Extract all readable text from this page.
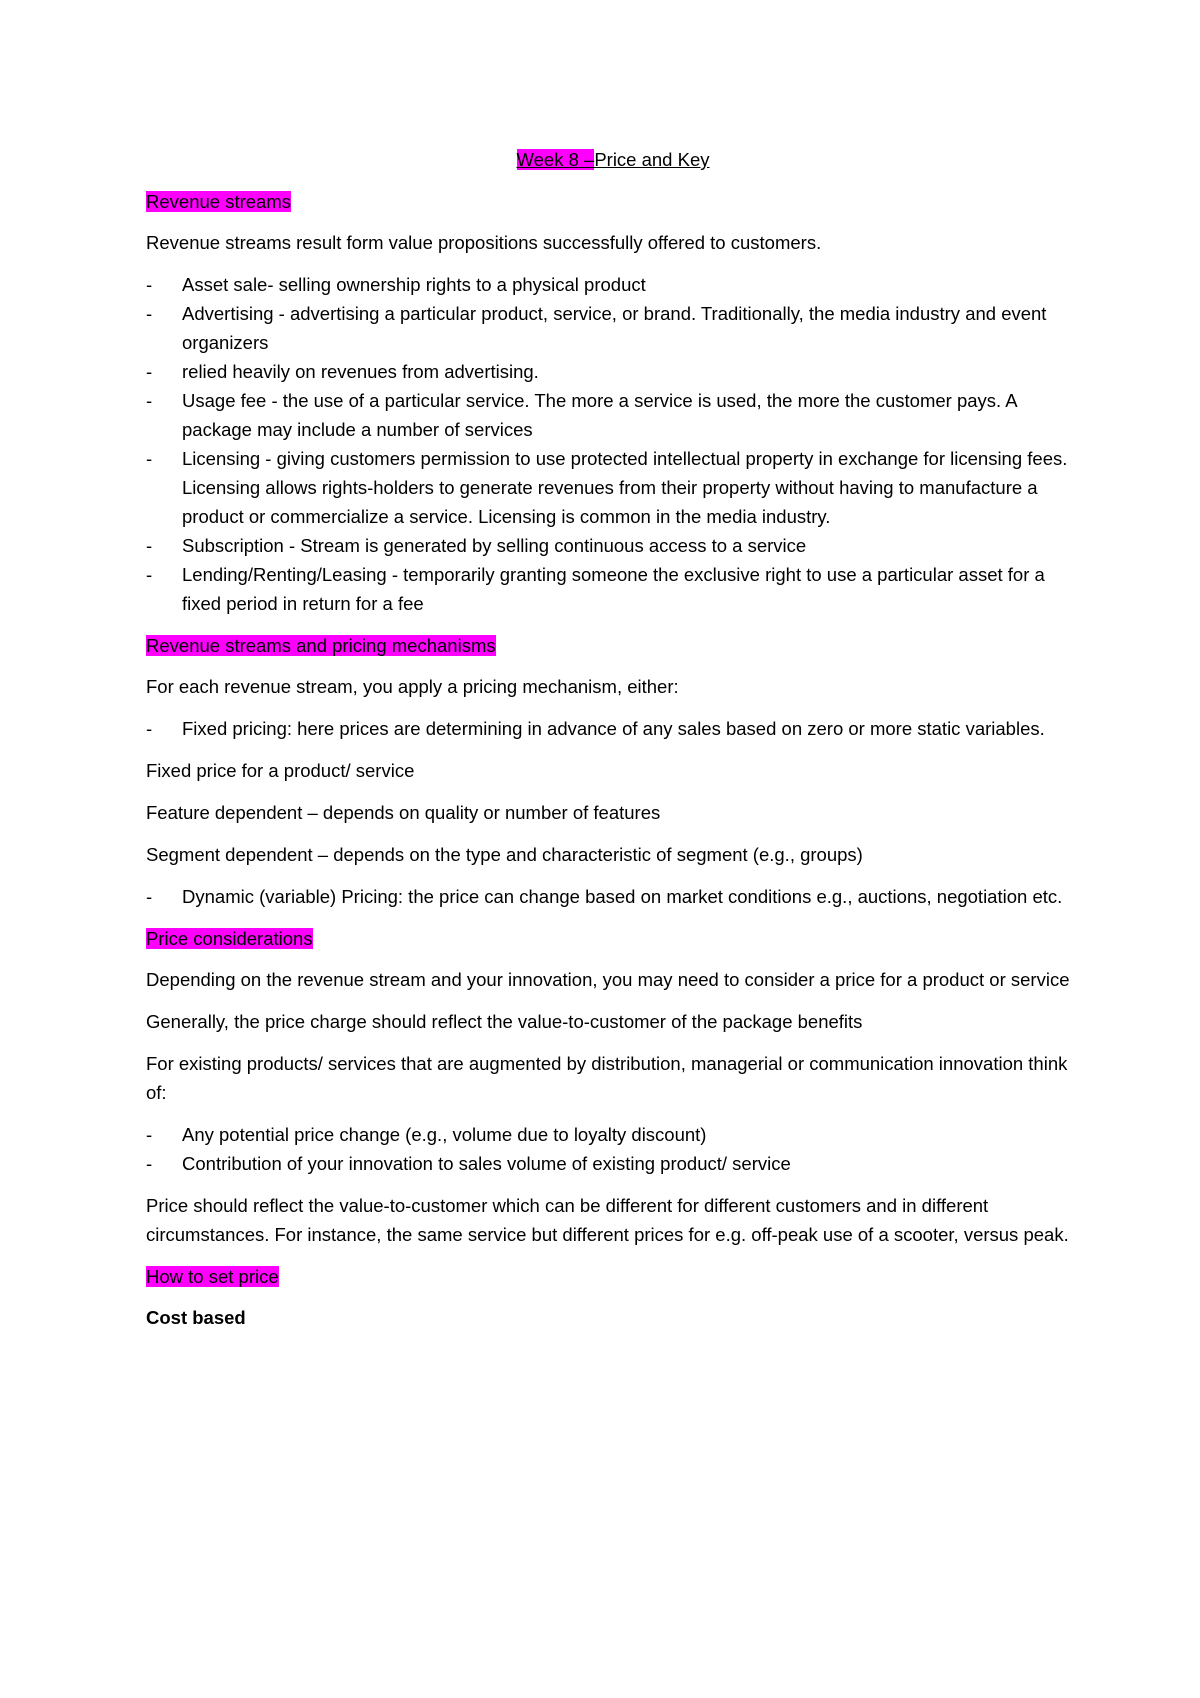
Week 8 –Price and Key

Revenue streams

Revenue streams result form value propositions successfully offered to customers.

- Asset sale- selling ownership rights to a physical product
- Advertising - advertising a particular product, service, or brand. Traditionally, the media industry and event organizers
- relied heavily on revenues from advertising.
- Usage fee - the use of a particular service. The more a service is used, the more the customer pays. A package may include a number of services
- Licensing - giving customers permission to use protected intellectual property in exchange for licensing fees. Licensing allows rights-holders to generate revenues from their property without having to manufacture a product or commercialize a service. Licensing is common in the media industry.
- Subscription - Stream is generated by selling continuous access to a service
- Lending/Renting/Leasing - temporarily granting someone the exclusive right to use a particular asset for a fixed period in return for a fee

Revenue streams and pricing mechanisms

For each revenue stream, you apply a pricing mechanism, either:

- Fixed pricing: here prices are determining in advance of any sales based on zero or more static variables.

Fixed price for a product/ service

Feature dependent – depends on quality or number of features

Segment dependent – depends on the type and characteristic of segment (e.g., groups)

- Dynamic (variable) Pricing: the price can change based on market conditions e.g., auctions, negotiation etc.

Price considerations

Depending on the revenue stream and your innovation, you may need to consider a price for a product or service

Generally, the price charge should reflect the value-to-customer of the package benefits

For existing products/ services that are augmented by distribution, managerial or communication innovation think of:

- Any potential price change (e.g., volume due to loyalty discount)
- Contribution of your innovation to sales volume of existing product/ service

Price should reflect the value-to-customer which can be different for different customers and in different circumstances. For instance, the same service but different prices for e.g. off-peak use of a scooter, versus peak.

How to set price

Cost based
